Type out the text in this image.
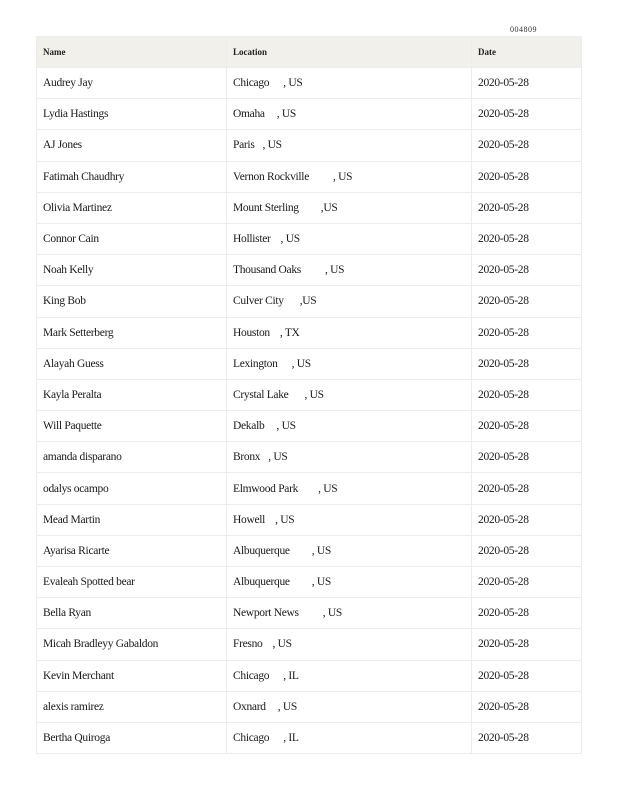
004809
Name	Location	Date
Audrey Jay	Chicago , US	2020-05-28
Lydia Hastings	Omaha , US	2020-05-28
AJ Jones	Paris , US	2020-05-28
Fatimah Chaudhry	Vernon Rockville , US	2020-05-28
Olivia Martinez	Mount Sterling ,US	2020-05-28
Connor Cain	Hollister , US	2020-05-28
Noah Kelly	Thousand Oaks , US	2020-05-28
King Bob	Culver City ,US	2020-05-28
Mark Setterberg	Houston , TX	2020-05-28
Alayah Guess	Lexington , US	2020-05-28
Kayla Peralta	Crystal Lake , US	2020-05-28
Will Paquette	Dekalb , US	2020-05-28
amanda disparano	Bronx , US	2020-05-28
odalys ocampo	Elmwood Park , US	2020-05-28
Mead Martin	Howell , US	2020-05-28
Ayarisa Ricarte	Albuquerque , US	2020-05-28
Evaleah Spotted bear	Albuquerque , US	2020-05-28
Bella Ryan	Newport News , US	2020-05-28
Micah Bradleyy Gabaldon	Fresno , US	2020-05-28
Kevin Merchant	Chicago , IL	2020-05-28
alexis ramirez	Oxnard , US	2020-05-28
Bertha Quiroga	Chicago , IL	2020-05-28
